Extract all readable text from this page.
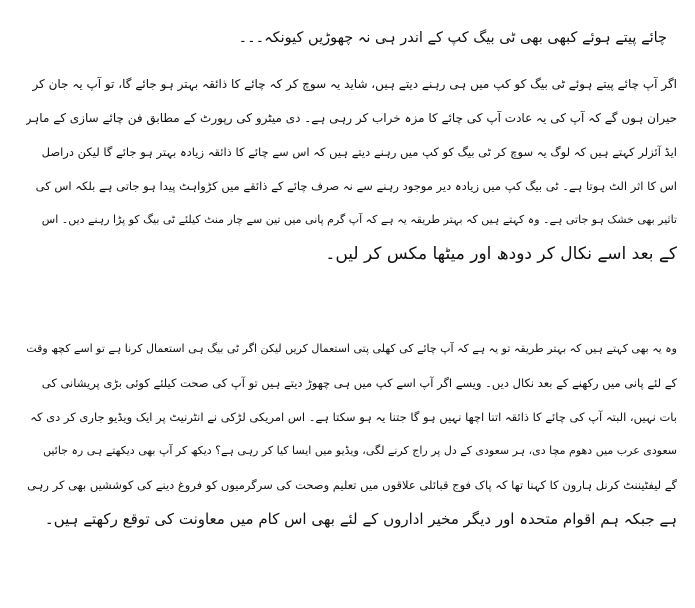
چائے پیتے ہوئے کبھی بھی ٹی بیگ کپ کے اندر ہی نہ چھوڑیں کیونکہ۔۔۔
اگر آپ چائے پیتے ہوئے ٹی بیگ کو کپ میں ہی رہنے دیتے ہیں، شاید یہ سوچ کر کہ چائے کا ذائقہ بہتر ہو جائے گا، تو آپ یہ جان کر
حیران ہوں گے کہ آپ کی یہ عادت آپ کی چائے کا مزہ خراب کر رہی ہے۔ دی میٹرو کی رپورٹ کے مطابق فن چائے سازی کے ماہر
ایڈ آئزلر کہتے ہیں کہ لوگ یہ سوچ کر ٹی بیگ کو کپ میں رہنے دیتے ہیں کہ اس سے چائے کا ذائقہ زیادہ بہتر ہو جائے گا لیکن دراصل
اس کا اثر الٹ ہوتا ہے۔ ٹی بیگ کپ میں زیادہ دیر موجود رہنے سے نہ صرف چائے کے ذائقے میں کڑواہٹ پیدا ہو جاتی ہے بلکہ اس کی
تاثیر بھی خشک ہو جاتی ہے۔ وہ کہتے ہیں کہ بہتر طریقہ یہ ہے کہ آپ گرم پانی میں تین سے چار منٹ کیلئے ٹی بیگ کو پڑا رہنے دیں۔ اس
کے بعد اسے نکال کر دودھ اور میٹھا مکس کر لیں۔
وہ یہ بھی کہتے ہیں کہ بہتر طریقہ تو یہ ہے کہ آپ چائے کی کھلی پتی استعمال کریں لیکن اگر ٹی بیگ ہی استعمال کرنا ہے تو اسے کچھ وقت
کے لئے پانی میں رکھنے کے بعد نکال دیں۔ ویسے اگر آپ اسے کپ میں ہی چھوڑ دیتے ہیں تو آپ کی صحت کیلئے کوئی بڑی پریشانی کی
بات نہیں، البتہ آپ کی چائے کا ذائقہ اتنا اچھا نہیں ہو گا جتنا یہ ہو سکتا ہے۔ اس امریکی لڑکی نے انٹرنیٹ پر ایک ویڈیو جاری کر دی کہ
سعودی عرب میں دھوم مچا دی، ہر سعودی کے دل پر راج کرنے لگی، ویڈیو میں ایسا کیا کر رہی ہے؟ دیکھ کر آپ بھی دیکھتے ہی رہ جائیں
گے لیفٹیننٹ کرنل ہارون کا کہنا تھا کہ پاک فوج قبائلی علاقوں میں تعلیم وصحت کی سرگرمیوں کو فروغ دینے کی کوششیں بھی کر رہی
ہے جبکہ ہم اقوام متحدہ اور دیگر مخیر اداروں کے لئے بھی اس کام میں معاونت کی توقع رکھتے ہیں۔
